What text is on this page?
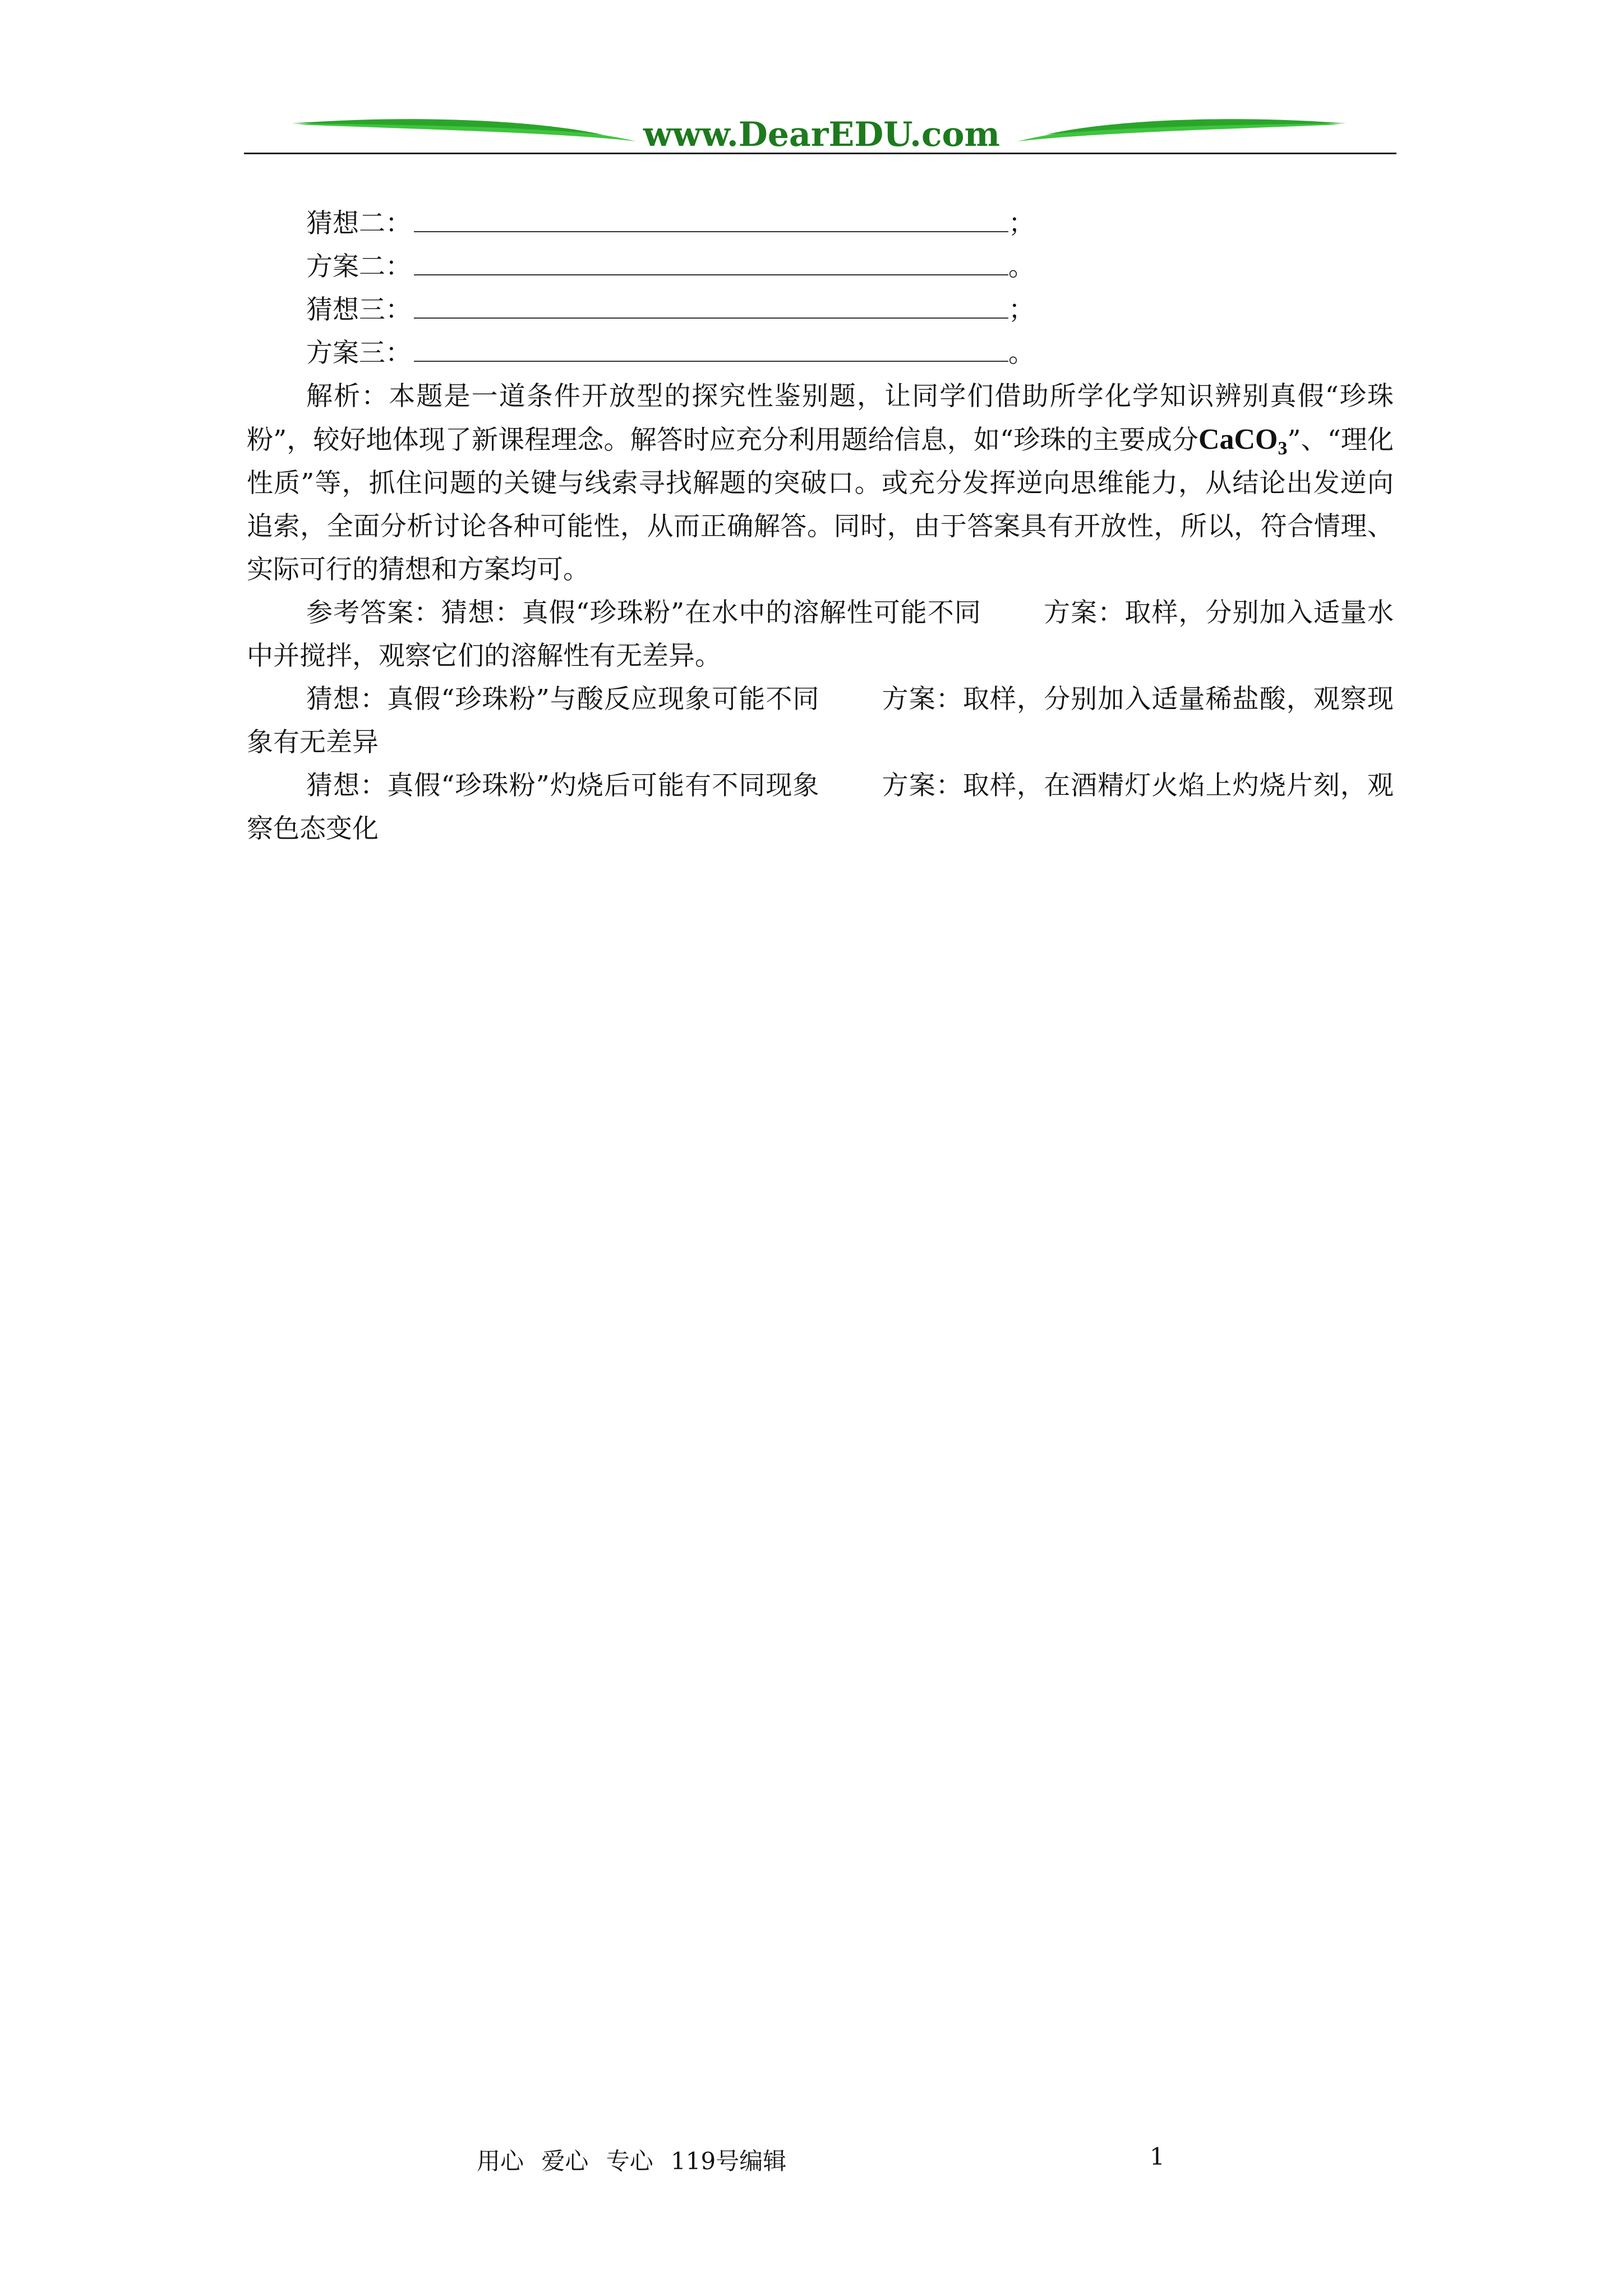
www.DearEDU.com
猜想二：	；
方案二：	。
猜想三：	；
方案三：	。

解析：本题是一道条件开放型的探究性鉴别题，让同学们借助所学化学知识辨别真假“珍珠粉”，较好地体现了新课程理念。解答时应充分利用题给信息，如“珍珠的主要成分CaCO$_3$”、“理化性质”等，抓住问题的关键与线索寻找解题的突破口。或充分发挥逆向思维能力，从结论出发逆向追索，全面分析讨论各种可能性，从而正确解答。同时，由于答案具有开放性，所以，符合情理、实际可行的猜想和方案均可。

参考答案：猜想：真假“珍珠粉”在水中的溶解性可能不同 方案：取样，分别加入适量水中并搅拌，观察它们的溶解性有无差异。

猜想：真假“珍珠粉”与酸反应现象可能不同 方案：取样，分别加入适量稀盐酸，观察现象有无差异

猜想：真假“珍珠粉”灼烧后可能有不同现象 方案：取样，在酒精灯火焰上灼烧片刻，观察色态变化

用心 爱心 专心 119号编辑	1
